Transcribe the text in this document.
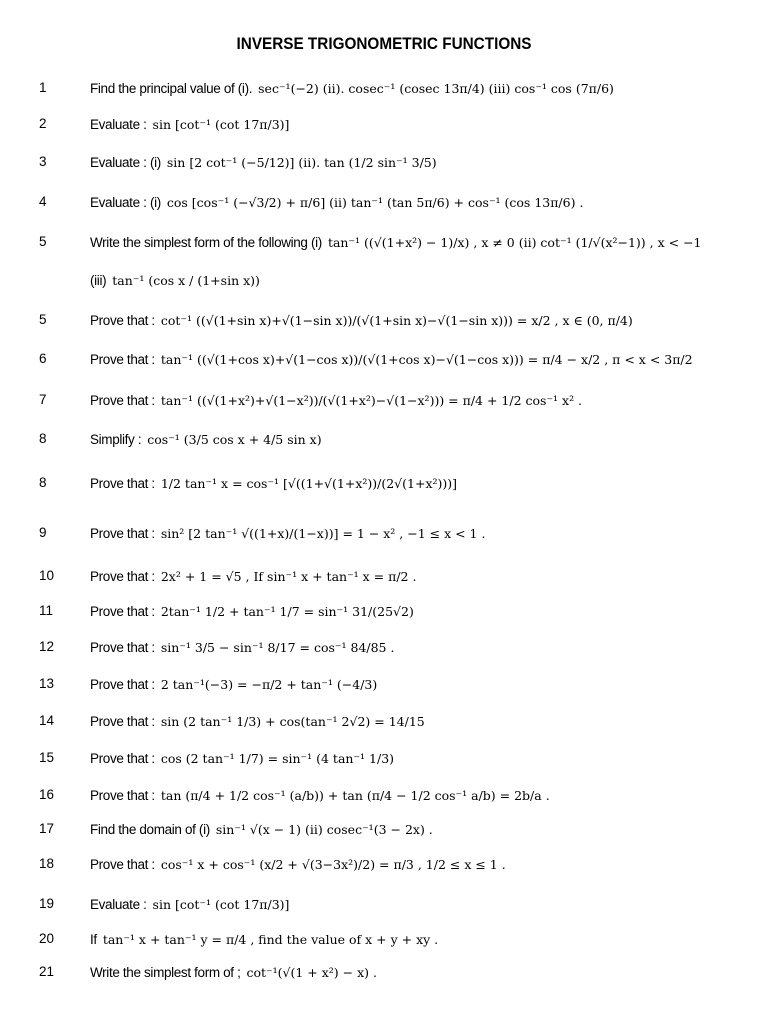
INVERSE TRIGONOMETRIC FUNCTIONS
1	Find the principal value of (i). sec⁻¹(−2) (ii). cosec⁻¹ (cosec 13π/4) (iii) cos⁻¹ cos (7π/6)
2	Evaluate : sin [cot⁻¹ (cot 17π/3)]
3	Evaluate : (i) sin [2 cot⁻¹ (−5/12)] (ii). tan (1/2 sin⁻¹ 3/5)
4	Evaluate : (i) cos [cos⁻¹ (−√3/2) + π/6] (ii) tan⁻¹ (tan 5π/6) + cos⁻¹ (cos 13π/6) .
5	Write the simplest form of the following (i) tan⁻¹ ((√(1+x²) − 1)/x) , x ≠ 0 (ii) cot⁻¹ (1/√(x²−1)) , x < −1
(iii) tan⁻¹ (cos x / (1+sin x))
5	Prove that : cot⁻¹ ((√(1+sin x)+√(1−sin x))/(√(1+sin x)−√(1−sin x))) = x/2 , x ∈ (0, π/4)
6	Prove that : tan⁻¹ ((√(1+cos x)+√(1−cos x))/(√(1+cos x)−√(1−cos x))) = π/4 − x/2 , π < x < 3π/2
7	Prove that : tan⁻¹ ((√(1+x²)+√(1−x²))/(√(1+x²)−√(1−x²))) = π/4 + 1/2 cos⁻¹ x² .
8	Simplify : cos⁻¹ (3/5 cos x + 4/5 sin x)
8	Prove that : 1/2 tan⁻¹ x = cos⁻¹ [√((1+√(1+x²))/(2√(1+x²)))]
9	Prove that : sin² [2 tan⁻¹ √((1+x)/(1−x))] = 1 − x² , −1 ≤ x < 1 .
10	Prove that : 2x² + 1 = √5 , If sin⁻¹ x + tan⁻¹ x = π/2 .
11	Prove that : 2tan⁻¹ 1/2 + tan⁻¹ 1/7 = sin⁻¹ 31/(25√2)
12	Prove that : sin⁻¹ 3/5 − sin⁻¹ 8/17 = cos⁻¹ 84/85 .
13	Prove that : 2 tan⁻¹(−3) = −π/2 + tan⁻¹ (−4/3)
14	Prove that : sin (2 tan⁻¹ 1/3) + cos(tan⁻¹ 2√2) = 14/15
15	Prove that : cos (2 tan⁻¹ 1/7) = sin⁻¹ (4 tan⁻¹ 1/3)
16	Prove that : tan (π/4 + 1/2 cos⁻¹ (a/b)) + tan (π/4 − 1/2 cos⁻¹ a/b) = 2b/a .
17	Find the domain of (i) sin⁻¹ √(x − 1) (ii) cosec⁻¹(3 − 2x) .
18	Prove that : cos⁻¹ x + cos⁻¹ (x/2 + √(3−3x²)/2) = π/3 , 1/2 ≤ x ≤ 1 .
19	Evaluate : sin [cot⁻¹ (cot 17π/3)]
20	If tan⁻¹ x + tan⁻¹ y = π/4 , find the value of x + y + xy .
21	Write the simplest form of ; cot⁻¹(√(1 + x²) − x) .
